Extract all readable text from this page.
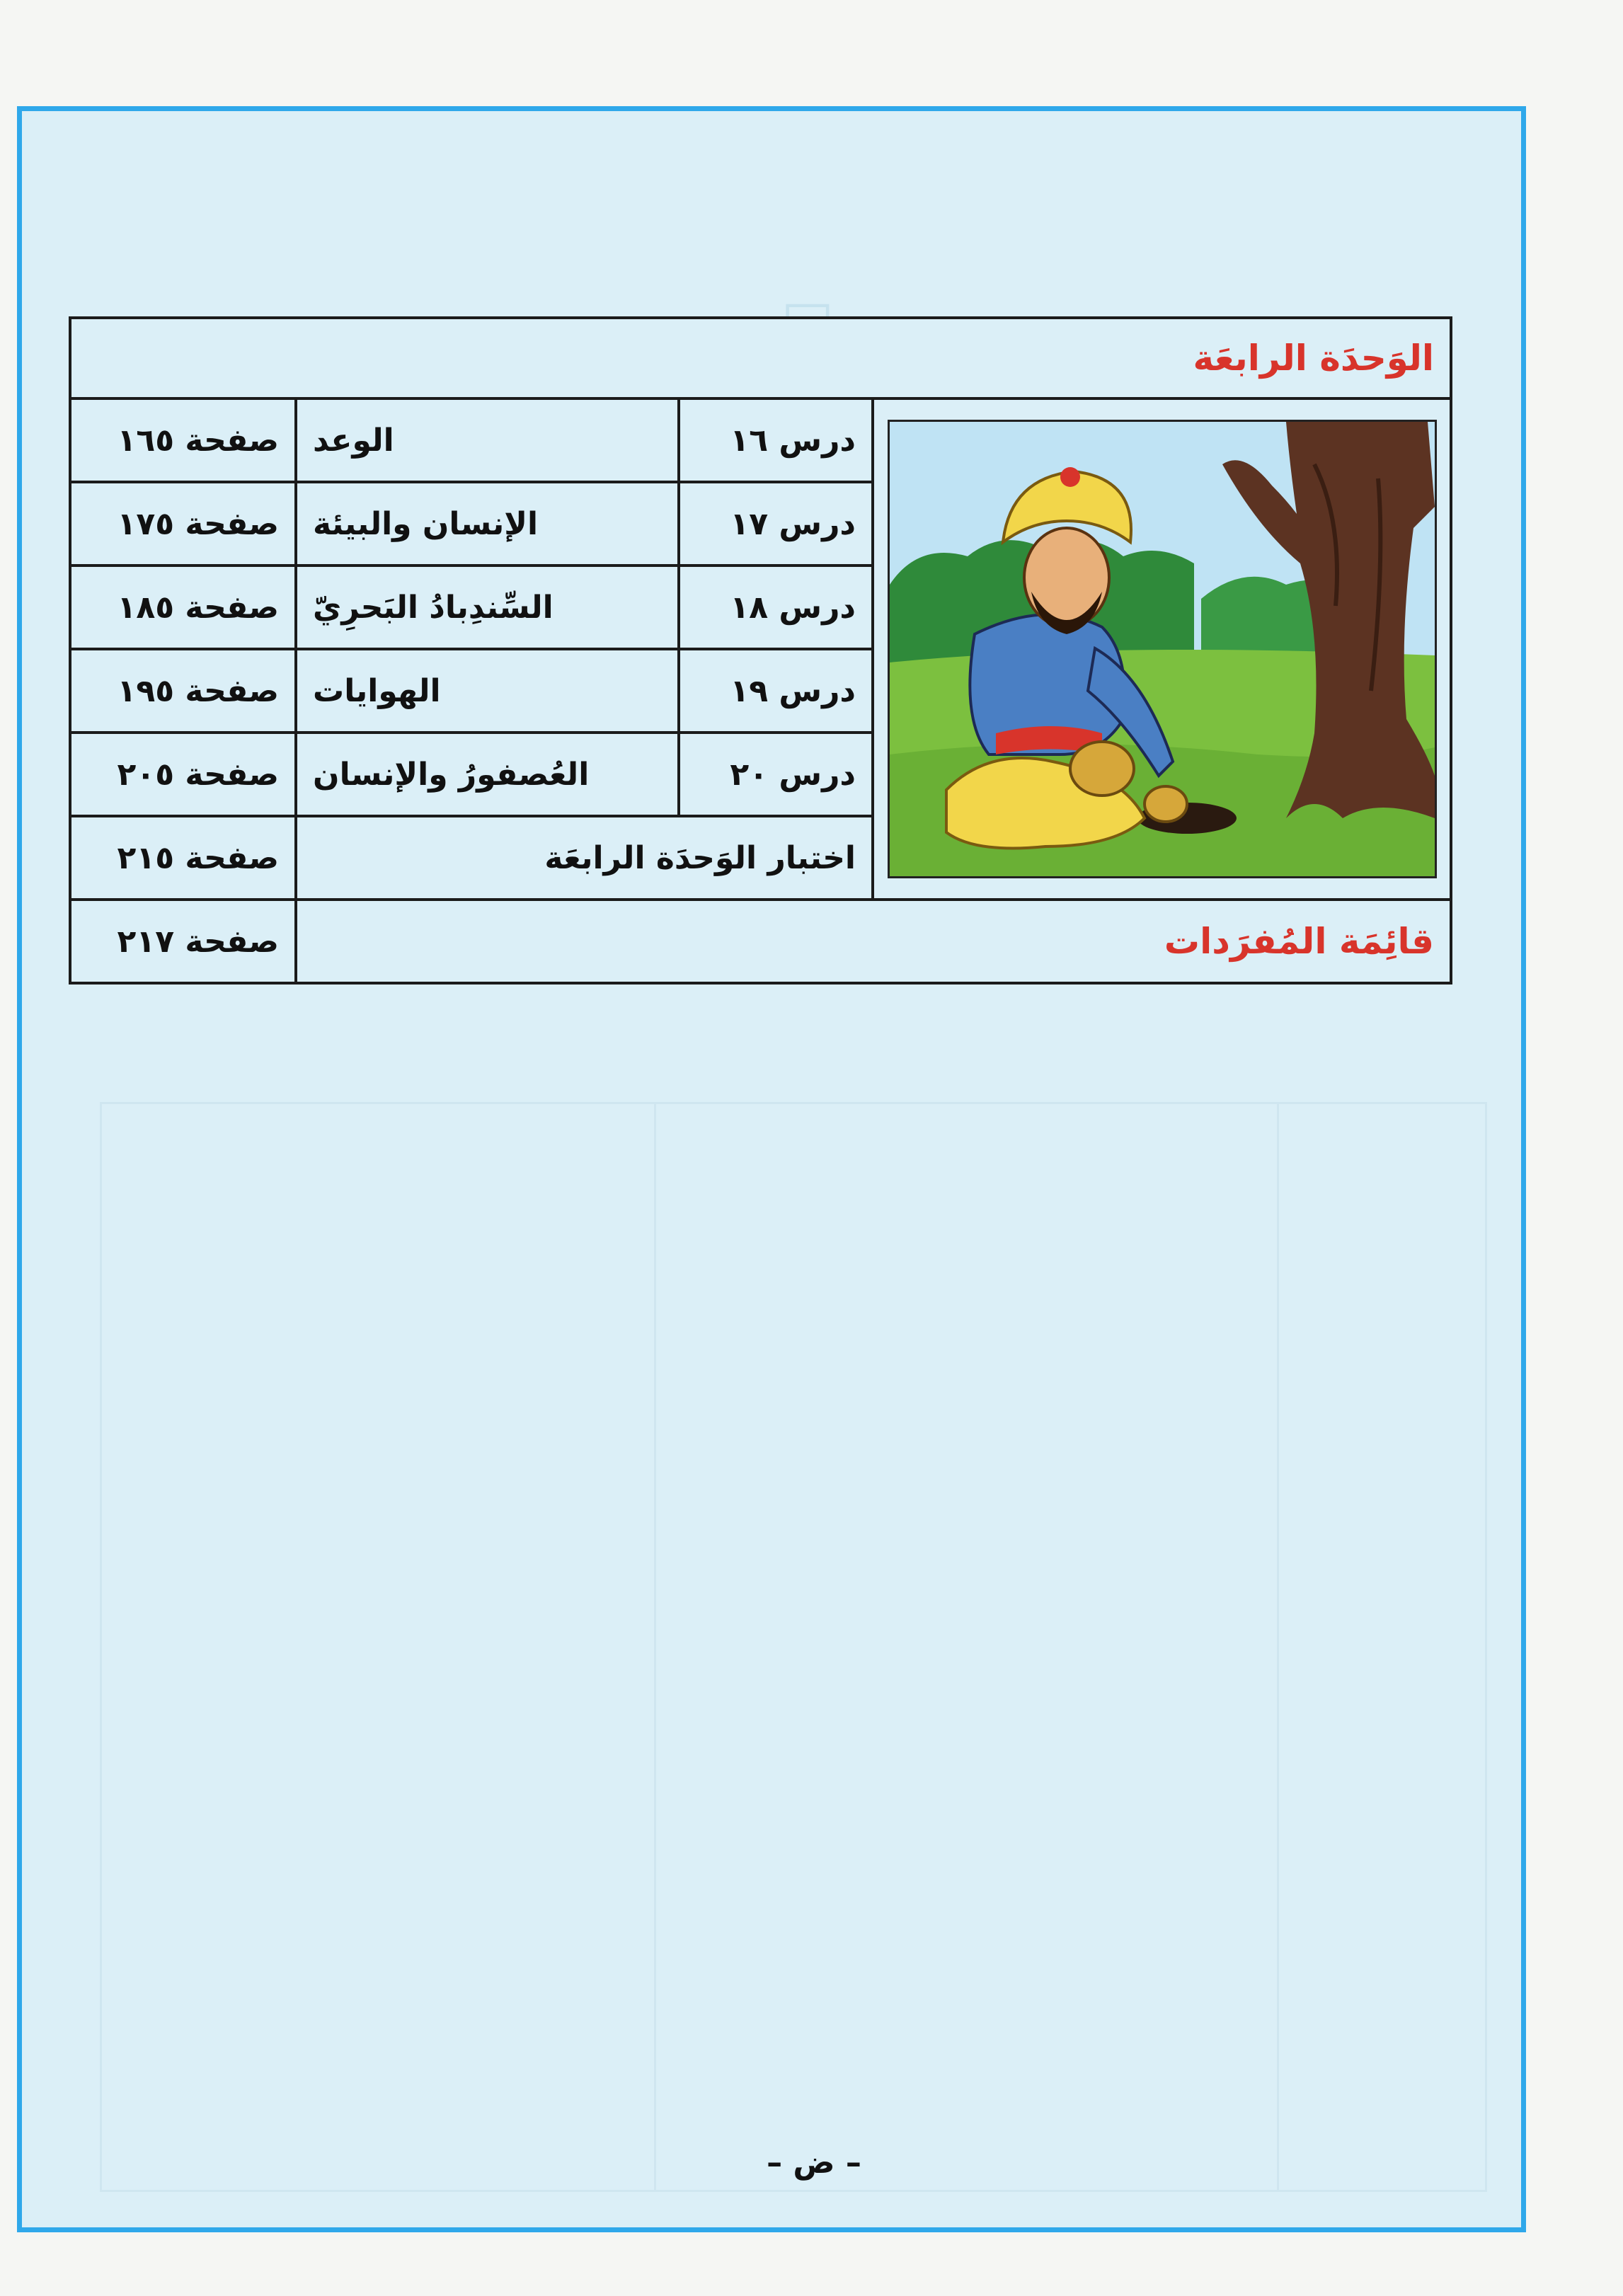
الوَحدَة الرابعَة			

	درس ١٦	الوعد	صفحة ١٦٥
	درس ١٧	الإنسان والبيئة	صفحة ١٧٥
	درس ١٨	السِّندِبادُ البَحرِيّ	صفحة ١٨٥
	درس ١٩	الهوايات	صفحة ١٩٥
	درس ٢٠	العُصفورُ والإنسان	صفحة ٢٠٥
	اختبار الوَحدَة الرابعَة		صفحة ٢١٥
قائِمَة المُفرَدات			صفحة ٢١٧
– ض –
